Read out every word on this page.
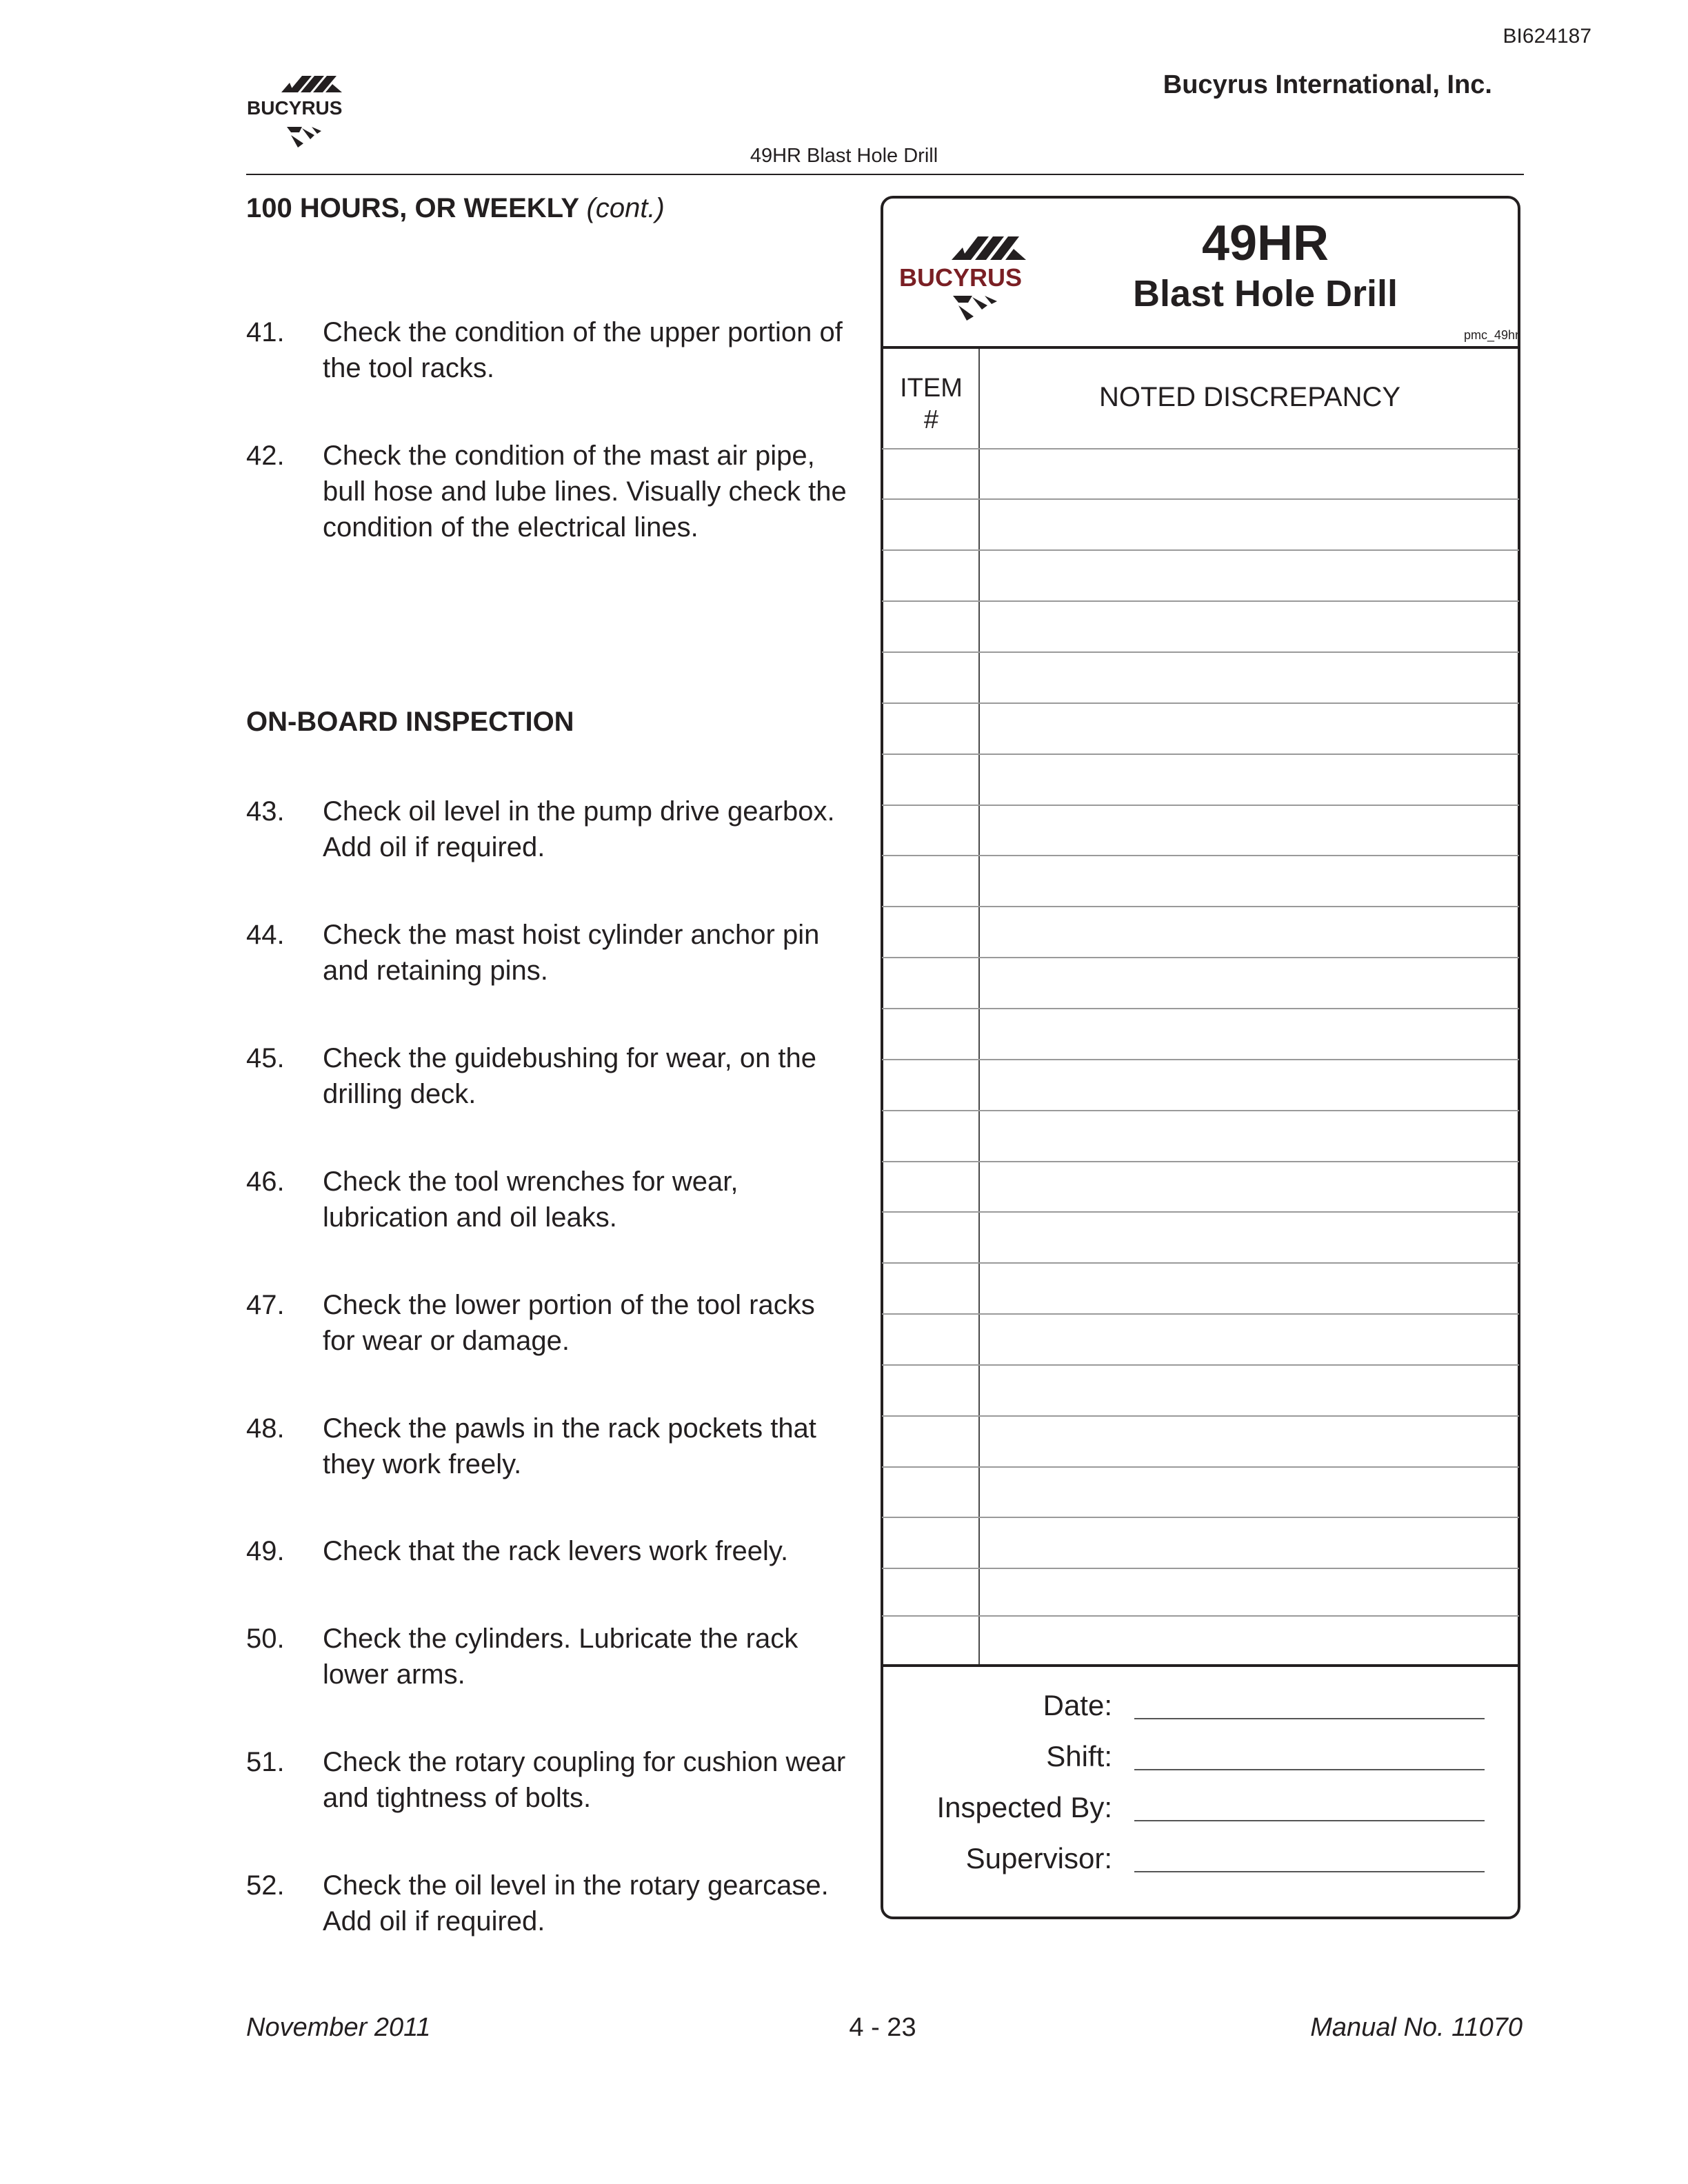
BI624187
Bucyrus International, Inc.
BUCYRUS
49HR Blast Hole Drill
100 HOURS, OR WEEKLY (cont.)
41. Check the condition of the upper portion of the tool racks.
42. Check the condition of the mast air pipe, bull hose and lube lines. Visually check the condition of the electrical lines.
ON-BOARD INSPECTION
43. Check oil level in the pump drive gearbox. Add oil if required.
44. Check the mast hoist cylinder anchor pin and retaining pins.
45. Check the guidebushing for wear, on the drilling deck.
46. Check the tool wrenches for wear, lubrication and oil leaks.
47. Check the lower portion of the tool racks for wear or damage.
48. Check the pawls in the rack pockets that they work freely.
49. Check that the rack levers work freely.
50. Check the cylinders. Lubricate the rack lower arms.
51. Check the rotary coupling for cushion wear and tightness of bolts.
52. Check the oil level in the rotary gearcase. Add oil if required.
BUCYRUS
49HR
Blast Hole Drill
pmc_49hr
ITEM
#
NOTED DISCREPANCY
Date:
Shift:
Inspected By:
Supervisor:
November 2011	4 - 23	Manual No. 11070
